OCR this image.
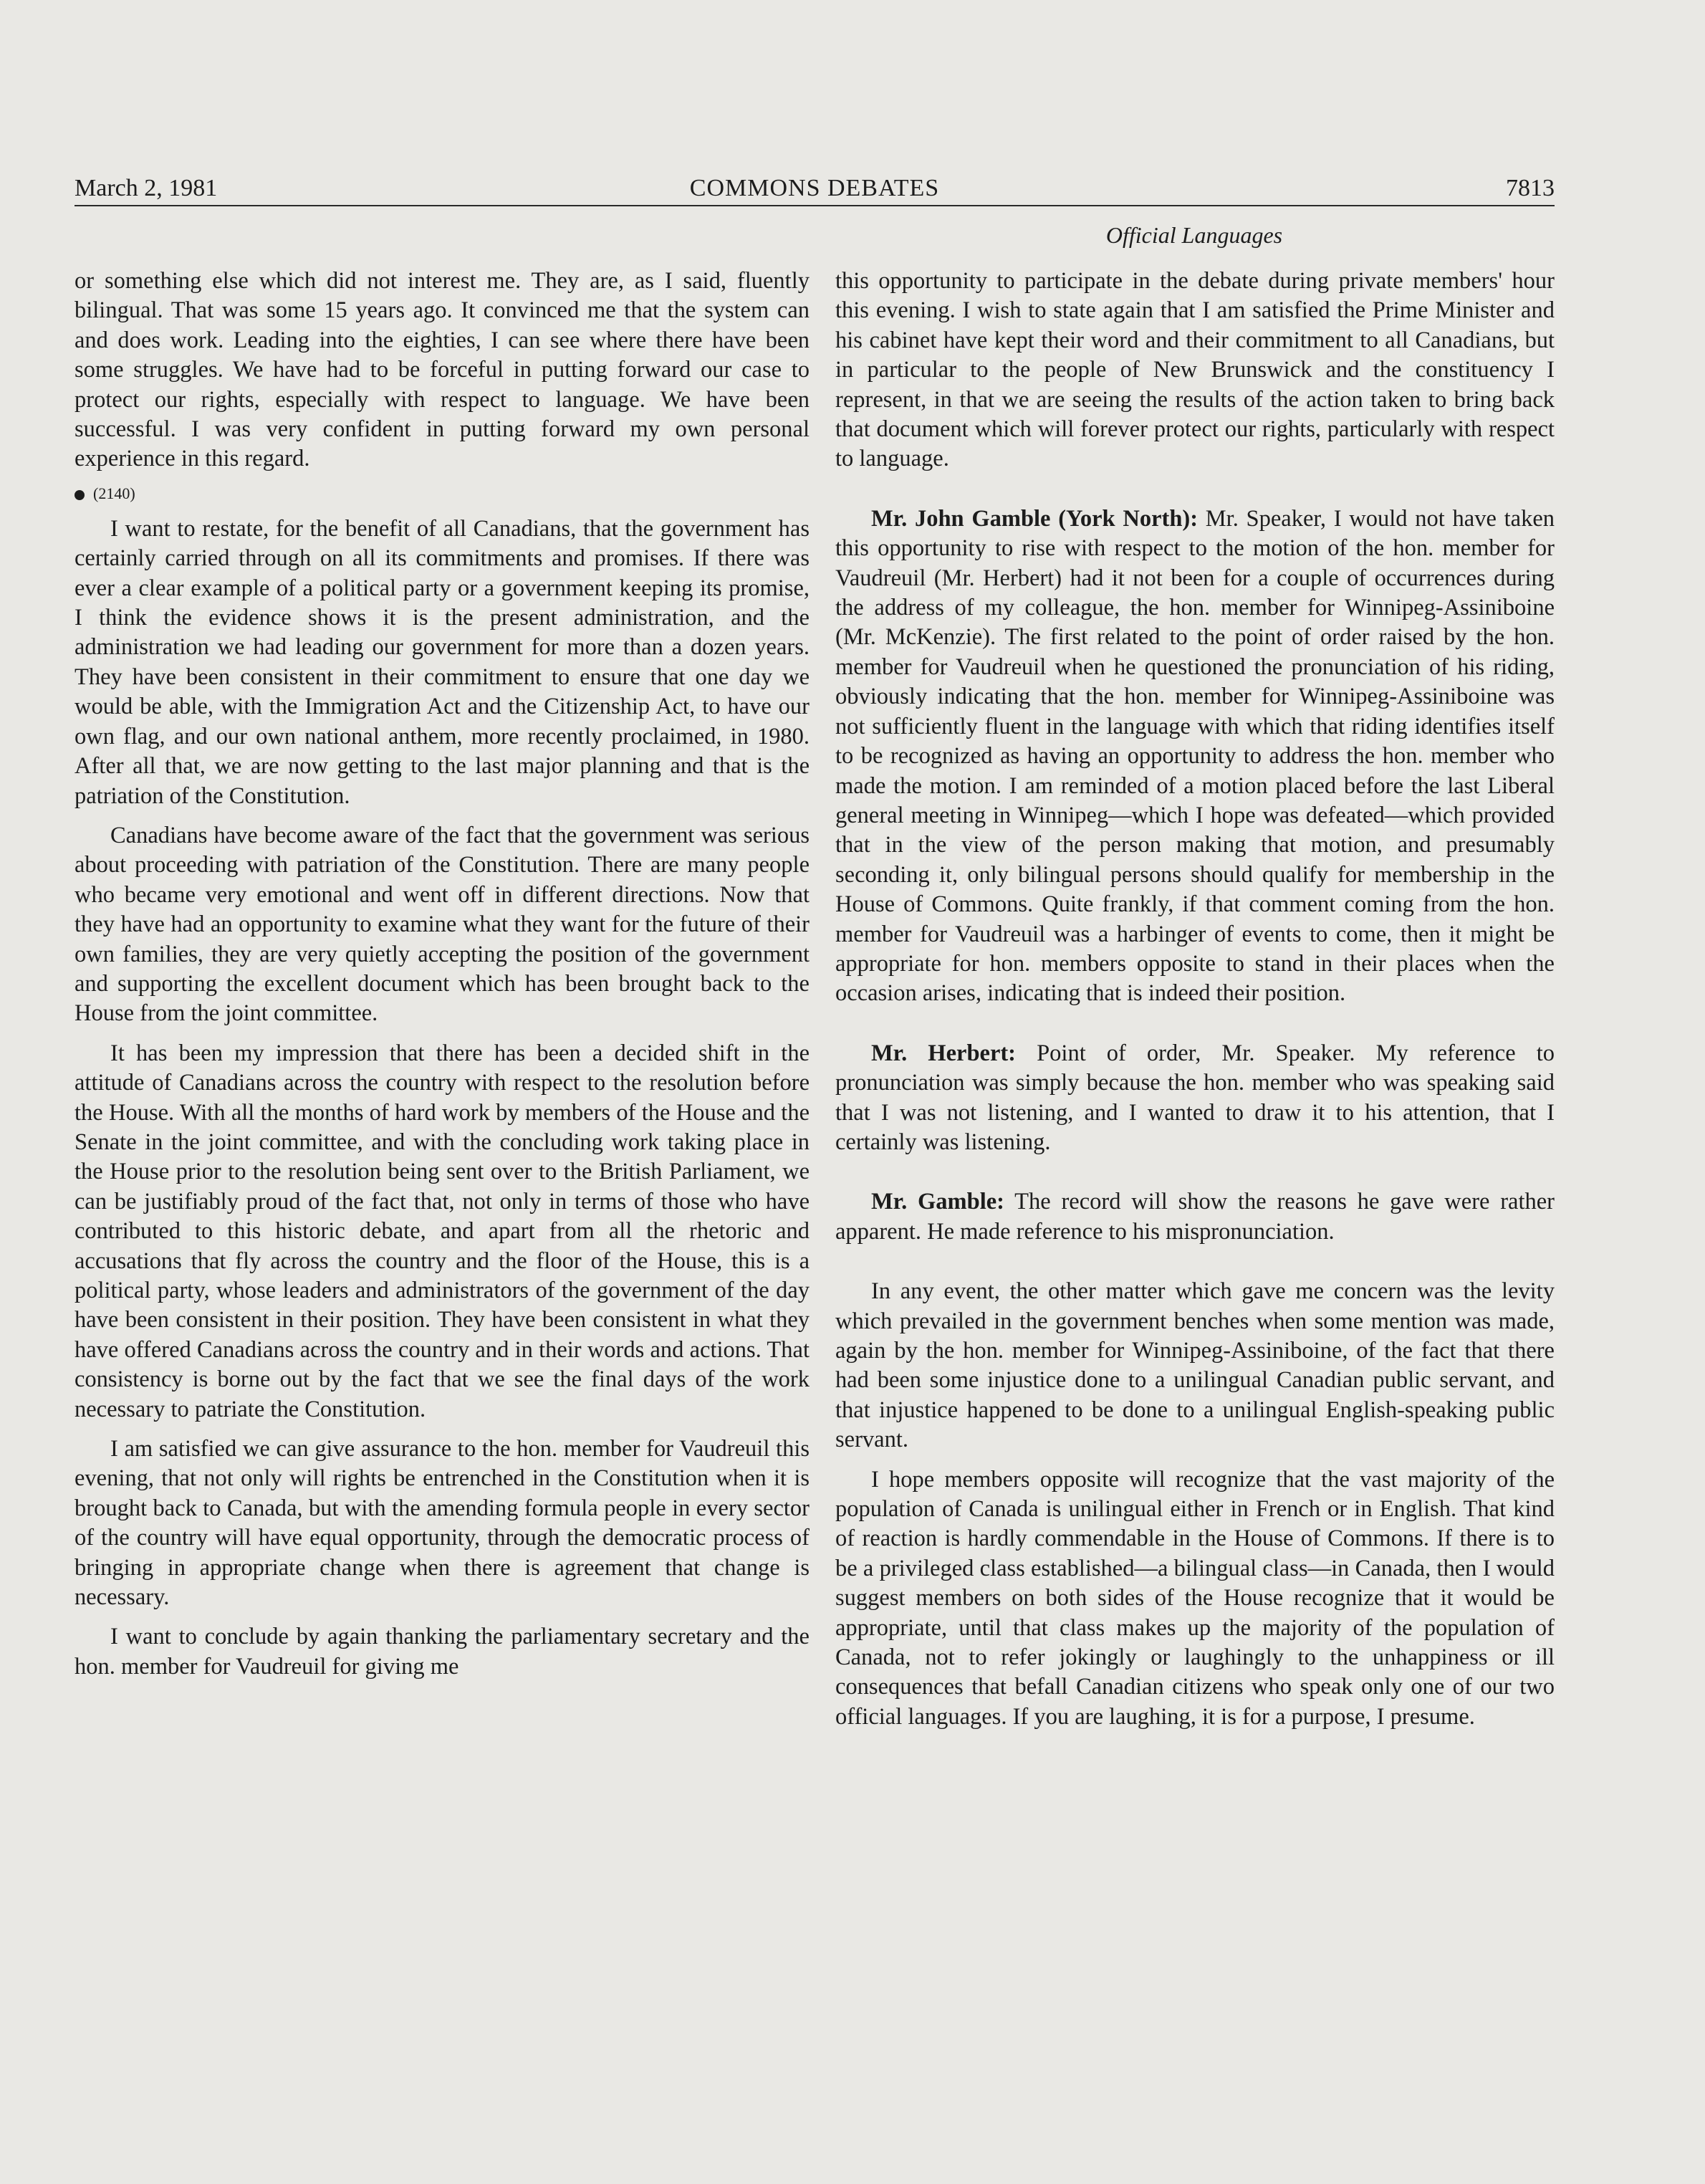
March 2, 1981	COMMONS DEBATES	7813
Official Languages

or something else which did not interest me. They are, as I said, fluently bilingual. That was some 15 years ago. It convinced me that the system can and does work. Leading into the eighties, I can see where there have been some struggles. We have had to be forceful in putting forward our case to protect our rights, especially with respect to language. We have been successful. I was very confident in putting forward my own personal experience in this regard.

(2140)

I want to restate, for the benefit of all Canadians, that the government has certainly carried through on all its commitments and promises. If there was ever a clear example of a political party or a government keeping its promise, I think the evidence shows it is the present administration, and the administration we had leading our government for more than a dozen years. They have been consistent in their commitment to ensure that one day we would be able, with the Immigration Act and the Citizenship Act, to have our own flag, and our own national anthem, more recently proclaimed, in 1980. After all that, we are now getting to the last major planning and that is the patriation of the Constitution.

Canadians have become aware of the fact that the government was serious about proceeding with patriation of the Constitution. There are many people who became very emotional and went off in different directions. Now that they have had an opportunity to examine what they want for the future of their own families, they are very quietly accepting the position of the government and supporting the excellent document which has been brought back to the House from the joint committee.

It has been my impression that there has been a decided shift in the attitude of Canadians across the country with respect to the resolution before the House. With all the months of hard work by members of the House and the Senate in the joint committee, and with the concluding work taking place in the House prior to the resolution being sent over to the British Parliament, we can be justifiably proud of the fact that, not only in terms of those who have contributed to this historic debate, and apart from all the rhetoric and accusations that fly across the country and the floor of the House, this is a political party, whose leaders and administrators of the government of the day have been consistent in their position. They have been consistent in what they have offered Canadians across the country and in their words and actions. That consistency is borne out by the fact that we see the final days of the work necessary to patriate the Constitution.

I am satisfied we can give assurance to the hon. member for Vaudreuil this evening, that not only will rights be entrenched in the Constitution when it is brought back to Canada, but with the amending formula people in every sector of the country will have equal opportunity, through the democratic process of bringing in appropriate change when there is agreement that change is necessary.

I want to conclude by again thanking the parliamentary secretary and the hon. member for Vaudreuil for giving me

this opportunity to participate in the debate during private members' hour this evening. I wish to state again that I am satisfied the Prime Minister and his cabinet have kept their word and their commitment to all Canadians, but in particular to the people of New Brunswick and the constituency I represent, in that we are seeing the results of the action taken to bring back that document which will forever protect our rights, particularly with respect to language.

Mr. John Gamble (York North): Mr. Speaker, I would not have taken this opportunity to rise with respect to the motion of the hon. member for Vaudreuil (Mr. Herbert) had it not been for a couple of occurrences during the address of my colleague, the hon. member for Winnipeg-Assiniboine (Mr. McKenzie). The first related to the point of order raised by the hon. member for Vaudreuil when he questioned the pronunciation of his riding, obviously indicating that the hon. member for Winnipeg-Assiniboine was not sufficiently fluent in the language with which that riding identifies itself to be recognized as having an opportunity to address the hon. member who made the motion. I am reminded of a motion placed before the last Liberal general meeting in Winnipeg—which I hope was defeated—which provided that in the view of the person making that motion, and presumably seconding it, only bilingual persons should qualify for membership in the House of Commons. Quite frankly, if that comment coming from the hon. member for Vaudreuil was a harbinger of events to come, then it might be appropriate for hon. members opposite to stand in their places when the occasion arises, indicating that is indeed their position.

Mr. Herbert: Point of order, Mr. Speaker. My reference to pronunciation was simply because the hon. member who was speaking said that I was not listening, and I wanted to draw it to his attention, that I certainly was listening.

Mr. Gamble: The record will show the reasons he gave were rather apparent. He made reference to his mispronunciation.

In any event, the other matter which gave me concern was the levity which prevailed in the government benches when some mention was made, again by the hon. member for Winnipeg-Assiniboine, of the fact that there had been some injustice done to a unilingual Canadian public servant, and that injustice happened to be done to a unilingual English-speaking public servant.

I hope members opposite will recognize that the vast majority of the population of Canada is unilingual either in French or in English. That kind of reaction is hardly commendable in the House of Commons. If there is to be a privileged class established—a bilingual class—in Canada, then I would suggest members on both sides of the House recognize that it would be appropriate, until that class makes up the majority of the population of Canada, not to refer jokingly or laughingly to the unhappiness or ill consequences that befall Canadian citizens who speak only one of our two official languages. If you are laughing, it is for a purpose, I presume.
